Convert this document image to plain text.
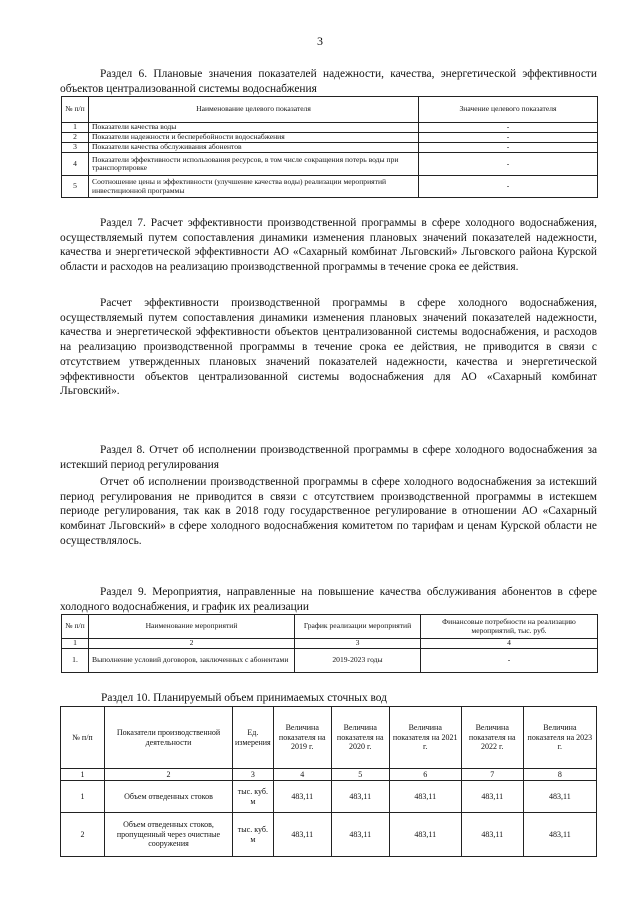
3

Раздел 6. Плановые значения показателей надежности, качества, энергетической эффективности объектов централизованной системы водоснабжения

№ п/п	Наименование целевого показателя	Значение целевого показателя
1	Показатели качества воды	-
2	Показатели надежности и бесперебойности водоснабжения	-
3	Показатели качества обслуживания абонентов	-
4	Показатели эффективности использования ресурсов, в том числе сокращения потерь воды при транспортировке	-
5	Соотношение цены и эффективности (улучшение качества воды) реализации мероприятий инвестиционной программы	-

Раздел 7. Расчет эффективности производственной программы в сфере холодного водоснабжения, осуществляемый путем сопоставления динамики изменения плановых значений показателей надежности, качества и энергетической эффективности АО «Сахарный комбинат Льговский» Льговского района Курской области и расходов на реализацию производственной программы в течение срока ее действия.

Расчет эффективности производственной программы в сфере холодного водоснабжения, осуществляемый путем сопоставления динамики изменения плановых значений показателей надежности, качества и энергетической эффективности объектов централизованной системы водоснабжения, и расходов на реализацию производственной программы в течение срока ее действия, не приводится в связи с отсутствием утвержденных плановых значений показателей надежности, качества и энергетической эффективности объектов централизованной системы водоснабжения для АО «Сахарный комбинат Льговский».

Раздел 8. Отчет об исполнении производственной программы в сфере холодного водоснабжения за истекший период регулирования

Отчет об исполнении производственной программы в сфере холодного водоснабжения за истекший период регулирования не приводится в связи с отсутствием производственной программы в истекшем периоде регулирования, так как в 2018 году государственное регулирование в отношении АО «Сахарный комбинат Льговский» в сфере холодного водоснабжения комитетом по тарифам и ценам Курской области не осуществлялось.

Раздел 9. Мероприятия, направленные на повышение качества обслуживания абонентов в сфере холодного водоснабжения, и график их реализации

№ п/п	Наименование мероприятий	График реализации мероприятий	Финансовые потребности на реализацию мероприятий, тыс. руб.
1	2	3	4
1.	Выполнение условий договоров, заключенных с абонентами	2019-2023 годы	-

Раздел 10. Планируемый объем принимаемых сточных вод

№ п/п	Показатели производственной деятельности	Ед. измерения	Величина показателя на 2019 г.	Величина показателя на 2020 г.	Величина показателя на 2021 г.	Величина показателя на 2022 г.	Величина показателя на 2023 г.
1	2	3	4	5	6	7	8
1	Объем отведенных стоков	тыс. куб. м	483,11	483,11	483,11	483,11	483,11
2	Объем отведенных стоков, пропущенный через очистные сооружения	тыс. куб. м	483,11	483,11	483,11	483,11	483,11
